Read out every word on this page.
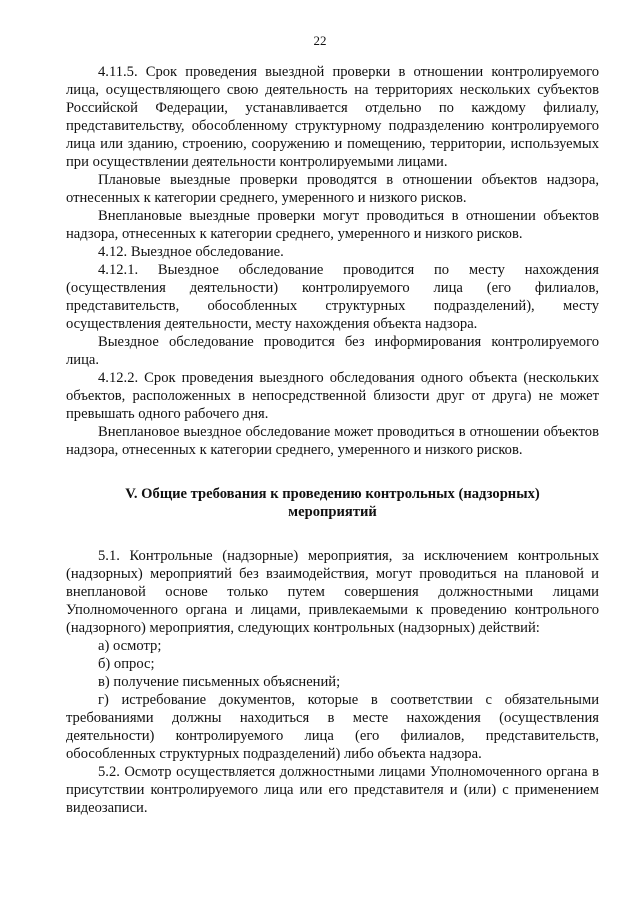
22

4.11.5. Срок проведения выездной проверки в отношении контролируемого лица, осуществляющего свою деятельность на территориях нескольких субъектов Российской Федерации, устанавливается отдельно по каждому филиалу, представительству, обособленному структурному подразделению контролируемого лица или зданию, строению, сооружению и помещению, территории, используемых при осуществлении деятельности контролируемыми лицами.

Плановые выездные проверки проводятся в отношении объектов надзора, отнесенных к категории среднего, умеренного и низкого рисков.

Внеплановые выездные проверки могут проводиться в отношении объектов надзора, отнесенных к категории среднего, умеренного и низкого рисков.

4.12. Выездное обследование.

4.12.1. Выездное обследование проводится по месту нахождения (осуществления деятельности) контролируемого лица (его филиалов, представительств, обособленных структурных подразделений), месту осуществления деятельности, месту нахождения объекта надзора.

Выездное обследование проводится без информирования контролируемого лица.

4.12.2. Срок проведения выездного обследования одного объекта (нескольких объектов, расположенных в непосредственной близости друг от друга) не может превышать одного рабочего дня.

Внеплановое выездное обследование может проводиться в отношении объектов надзора, отнесенных к категории среднего, умеренного и низкого рисков.

V. Общие требования к проведению контрольных (надзорных)
мероприятий

5.1. Контрольные (надзорные) мероприятия, за исключением контрольных (надзорных) мероприятий без взаимодействия, могут проводиться на плановой и внеплановой основе только путем совершения должностными лицами Уполномоченного органа и лицами, привлекаемыми к проведению контрольного (надзорного) мероприятия, следующих контрольных (надзорных) действий:

а) осмотр;

б) опрос;

в) получение письменных объяснений;

г) истребование документов, которые в соответствии с обязательными требованиями должны находиться в месте нахождения (осуществления деятельности) контролируемого лица (его филиалов, представительств, обособленных структурных подразделений) либо объекта надзора.

5.2. Осмотр осуществляется должностными лицами Уполномоченного органа в присутствии контролируемого лица или его представителя и (или) с применением видеозаписи.
